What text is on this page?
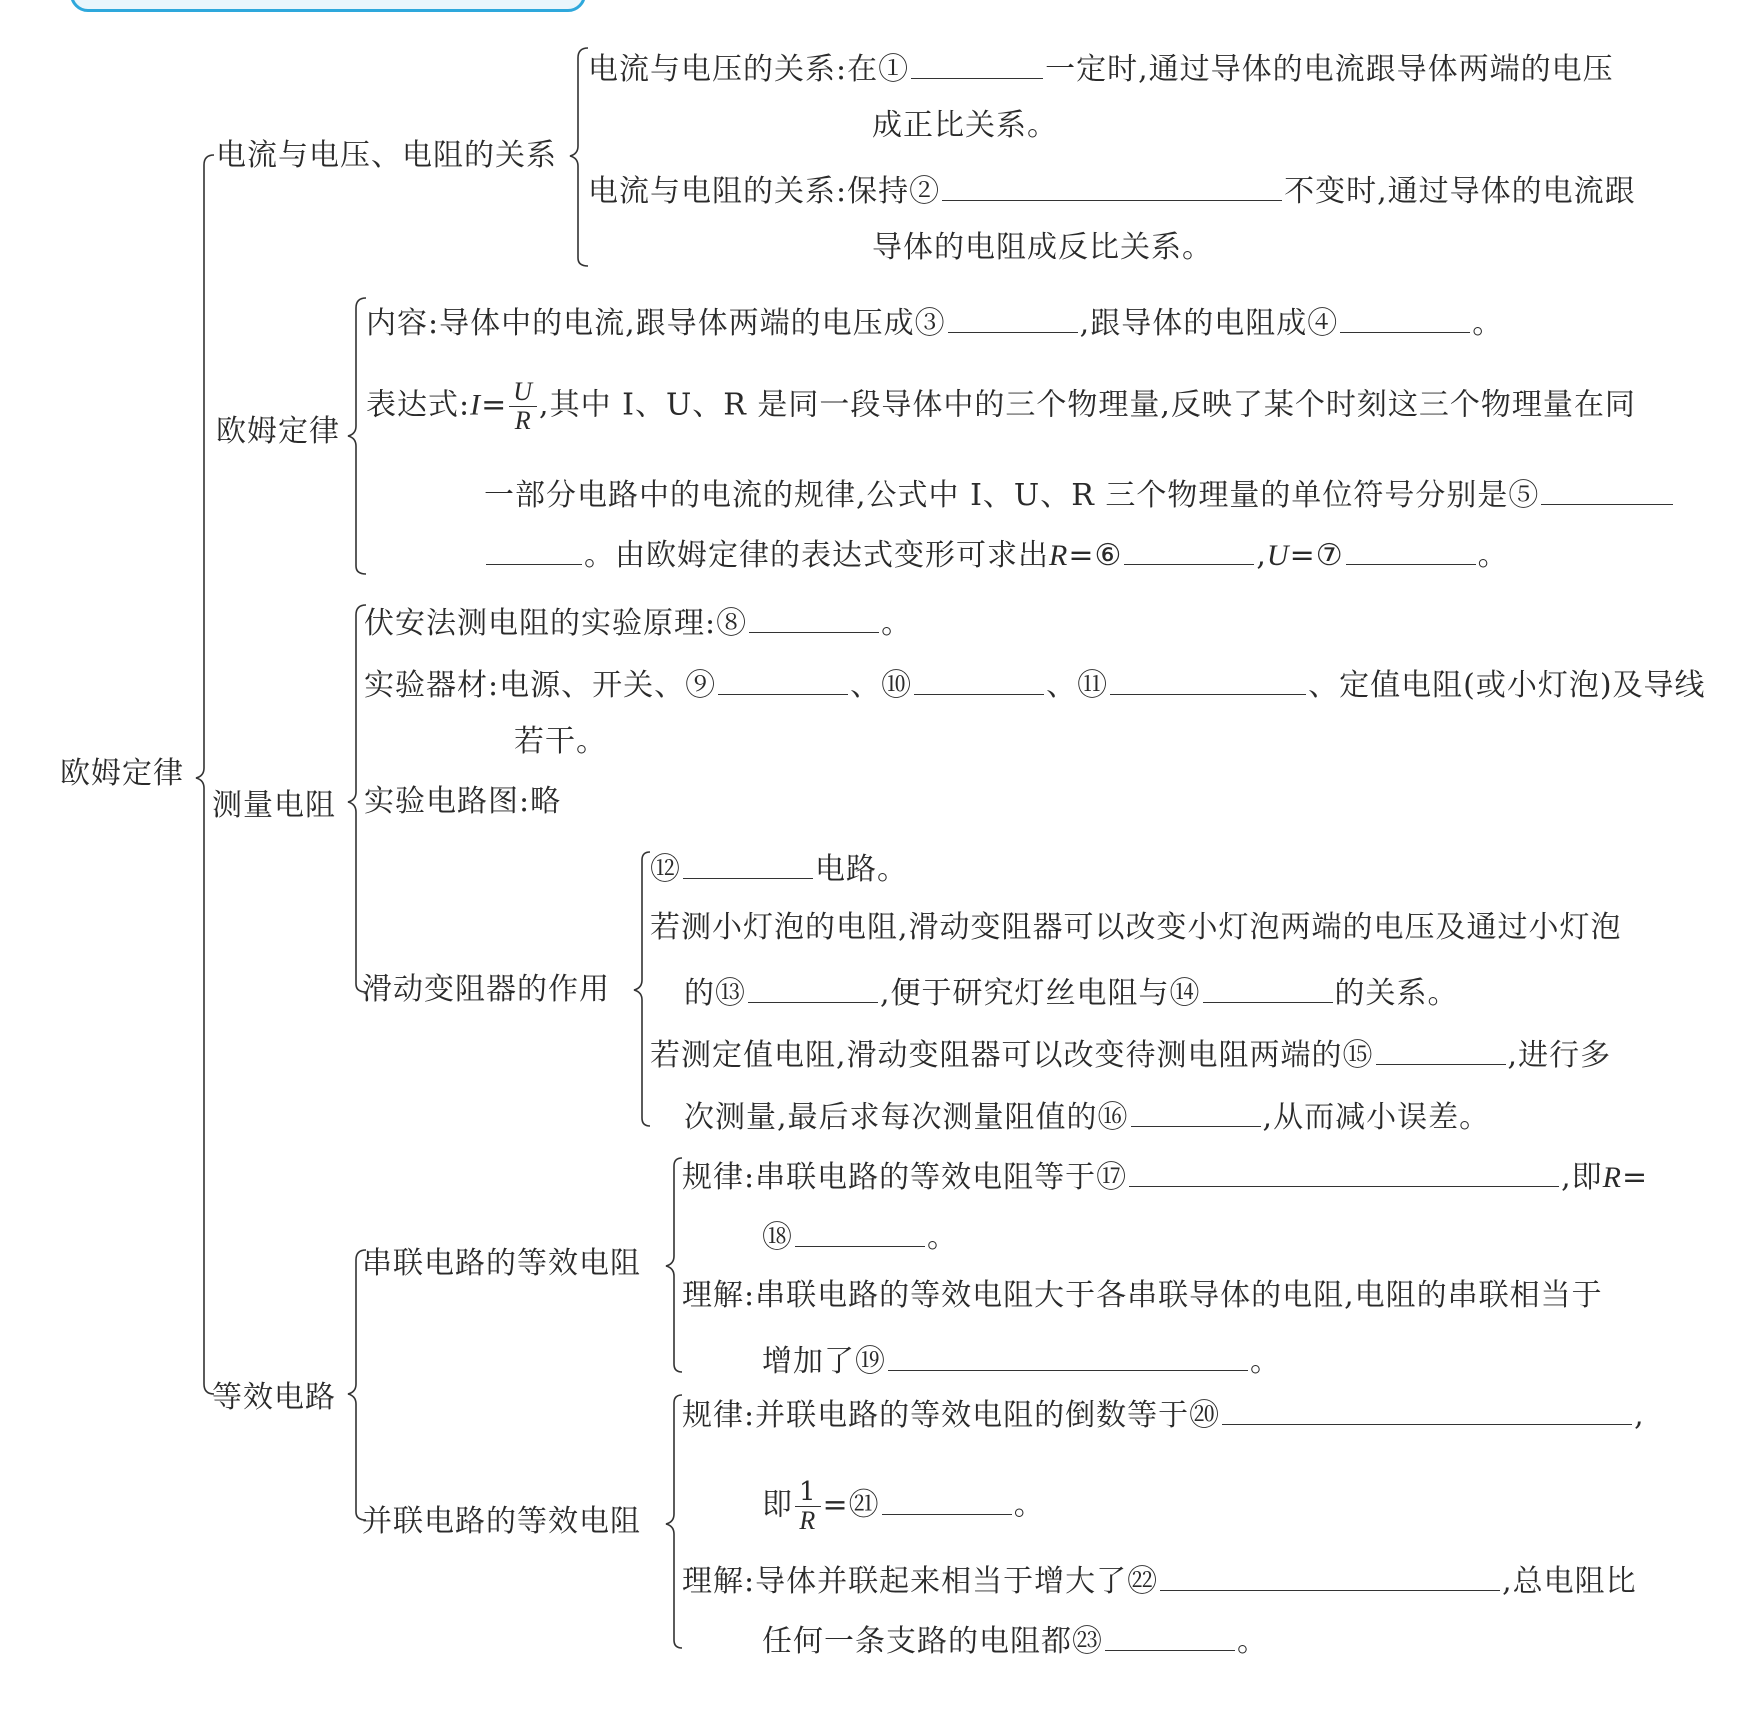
欧姆定律
电流与电压、电阻的关系
欧姆定律
测量电阻
等效电路
电流与电压的关系:在①	一定时,通过导体的电流跟导体两端的电压
成正比关系。
电流与电阻的关系:保持②	不变时,通过导体的电流跟
导体的电阻成反比关系。
内容:导体中的电流,跟导体两端的电压成③	,跟导体的电阻成④	。
表达式:I= $\frac{U}{R}$ ,其中 I、U、R 是同一段导体中的三个物理量,反映了某个时刻这三个物理量在同
一部分电路中的电流的规律,公式中 I、U、R 三个物理量的单位符号分别是⑤
。由欧姆定律的表达式变形可求出R=⑥	,U=⑦	。
伏安法测电阻的实验原理:⑧	。
实验器材:电源、开关、⑨	、⑩	、⑪	、定值电阻(或小灯泡)及导线
若干。
实验电路图:略
滑动变阻器的作用
⑫	电路。
若测小灯泡的电阻,滑动变阻器可以改变小灯泡两端的电压及通过小灯泡
的⑬	,便于研究灯丝电阻与⑭	的关系。
若测定值电阻,滑动变阻器可以改变待测电阻两端的⑮	,进行多
次测量,最后求每次测量阻值的⑯	,从而减小误差。
串联电路的等效电阻
规律:串联电路的等效电阻等于⑰	,即R=
⑱	。
理解:串联电路的等效电阻大于各串联导体的电阻,电阻的串联相当于
增加了⑲	。
并联电路的等效电阻
规律:并联电路的等效电阻的倒数等于⑳	,
即 $\frac{1}{R}$ =㉑	。
理解:导体并联起来相当于增大了㉒	,总电阻比
任何一条支路的电阻都㉓	。
